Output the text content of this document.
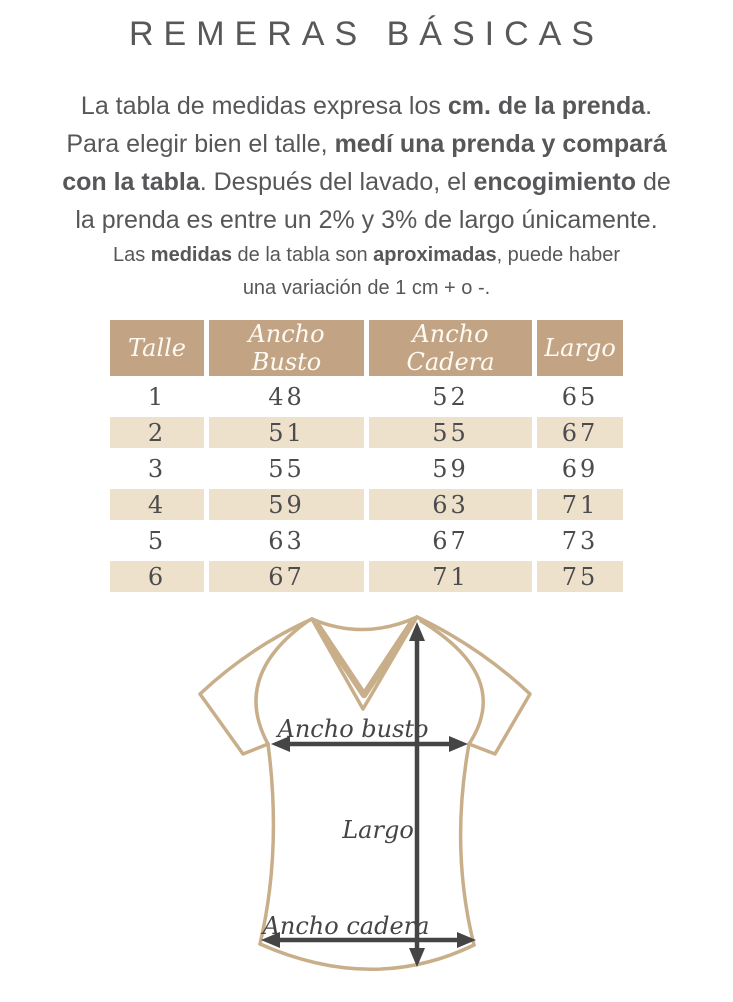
REMERAS BÁSICAS

La tabla de medidas expresa los cm. de la prenda.

Para elegir bien el talle, medí una prenda y compará

con la tabla. Después del lavado, el encogimiento de

la prenda es entre un 2% y 3% de largo únicamente.

Las medidas de la tabla son aproximadas, puede haber

una variación de 1 cm + o -.

Talle	Ancho Busto	Ancho Cadera	Largo
1	48	52	65
2	51	55	67
3	55	59	69
4	59	63	71
5	63	67	73
6	67	71	75
Ancho busto
Largo
Ancho cadera
